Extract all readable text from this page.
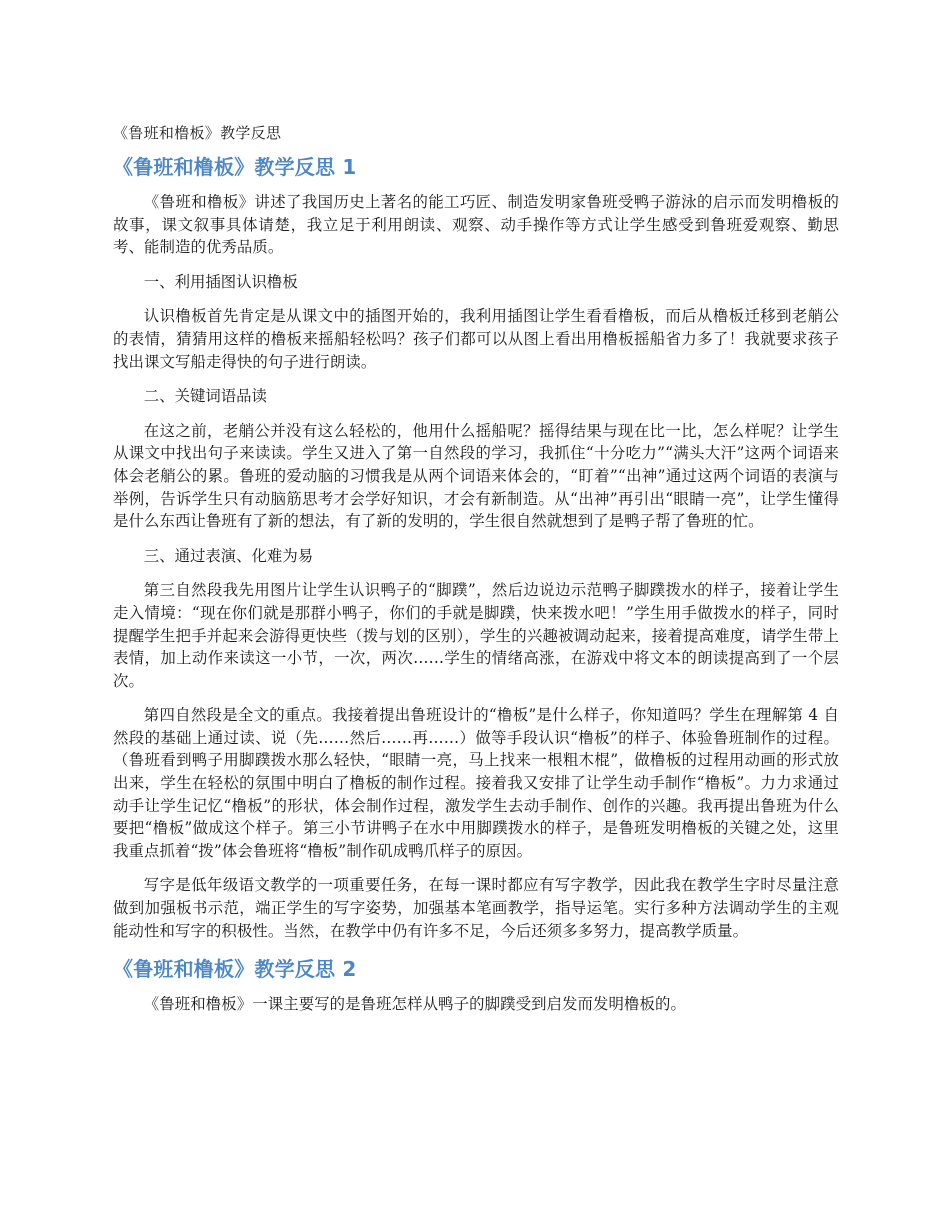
《鲁班和橹板》教学反思
《鲁班和橹板》教学反思 1

《鲁班和橹板》讲述了我国历史上著名的能工巧匠、制造发明家鲁班受鸭子游泳的启示而发明橹板的故事，课文叙事具体请楚，我立足于利用朗读、观察、动手操作等方式让学生感受到鲁班爱观察、勤思考、能制造的优秀品质。

一、利用插图认识橹板

认识橹板首先肯定是从课文中的插图开始的，我利用插图让学生看看橹板，而后从橹板迁移到老艄公的表情，猜猜用这样的橹板来摇船轻松吗？孩子们都可以从图上看出用橹板摇船省力多了！我就要求孩子找出课文写船走得快的句子进行朗读。

二、关键词语品读

在这之前，老艄公并没有这么轻松的，他用什么摇船呢？摇得结果与现在比一比，怎么样呢？让学生从课文中找出句子来读读。学生又进入了第一自然段的学习，我抓住“十分吃力”“满头大汗”这两个词语来体会老艄公的累。鲁班的爱动脑的习惯我是从两个词语来体会的，“盯着”“出神”通过这两个词语的表演与举例，告诉学生只有动脑筋思考才会学好知识，才会有新制造。从“出神”再引出“眼睛一亮”，让学生懂得是什么东西让鲁班有了新的想法，有了新的发明的，学生很自然就想到了是鸭子帮了鲁班的忙。

三、通过表演、化难为易

第三自然段我先用图片让学生认识鸭子的“脚蹼”，然后边说边示范鸭子脚蹼拨水的样子，接着让学生走入情境：“现在你们就是那群小鸭子，你们的手就是脚蹼，快来拨水吧！”学生用手做拨水的样子，同时提醒学生把手并起来会游得更快些（拨与划的区别），学生的兴趣被调动起来，接着提高难度，请学生带上表情，加上动作来读这一小节，一次，两次……学生的情绪高涨，在游戏中将文本的朗读提高到了一个层次。

第四自然段是全文的重点。我接着提出鲁班设计的“橹板”是什么样子，你知道吗？学生在理解第 4 自然段的基础上通过读、说（先……然后……再……）做等手段认识“橹板”的样子、体验鲁班制作的过程。（鲁班看到鸭子用脚蹼拨水那么轻快，“眼睛一亮，马上找来一根粗木棍”，做橹板的过程用动画的形式放出来，学生在轻松的氛围中明白了橹板的制作过程。接着我又安排了让学生动手制作“橹板”。力力求通过动手让学生记忆“橹板”的形状，体会制作过程，激发学生去动手制作、创作的兴趣。我再提出鲁班为什么要把“橹板”做成这个样子。第三小节讲鸭子在水中用脚蹼拨水的样子，是鲁班发明橹板的关键之处，这里我重点抓着“拨”体会鲁班将“橹板”制作矶成鸭爪样子的原因。

写字是低年级语文教学的一项重要任务，在每一课时都应有写字教学，因此我在教学生字时尽量注意做到加强板书示范，端正学生的写字姿势，加强基本笔画教学，指导运笔。实行多种方法调动学生的主观能动性和写字的积极性。当然，在教学中仍有许多不足，今后还须多多努力，提高教学质量。

《鲁班和橹板》教学反思 2

《鲁班和橹板》一课主要写的是鲁班怎样从鸭子的脚蹼受到启发而发明橹板的。
